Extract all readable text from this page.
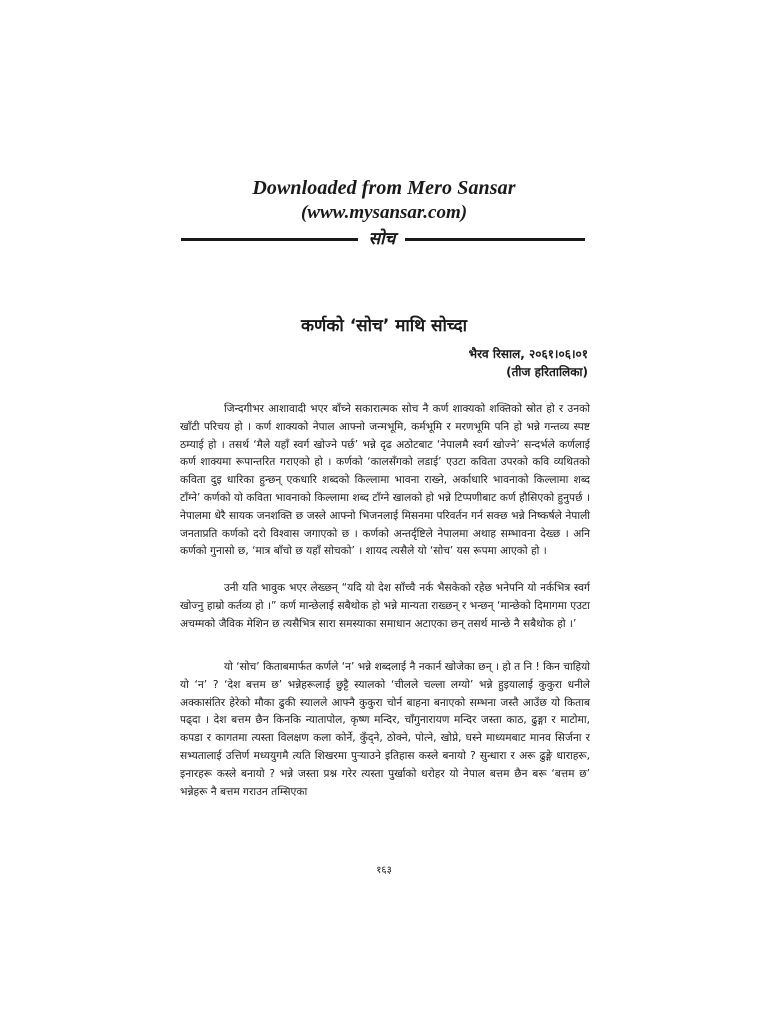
Downloaded from Mero Sansar
(www.mysansar.com)
सोच
कर्णको ‘सोच’ माथि सोच्दा
भैरव रिसाल, २०६१।०६।०१
(तीज हरितालिका)

जिन्दगीभर आशावादी भएर बाँच्ने सकारात्मक सोच नै कर्ण शाक्यको शक्तिको स्रोत हो र उनको खाँटी परिचय हो । कर्ण शाक्यको नेपाल आफ्नो जन्मभूमि, कर्मभूमि र मरणभूमि पनि हो भन्ने गन्तव्य स्पष्ट ठम्याई हो । तसर्थ ‘मैले यहाँ स्वर्ग खोज्ने पर्छ’ भन्ने दृढ अठोटबाट ‘नेपालमै स्वर्ग खोज्ने’ सन्दर्भले कर्णलाई कर्ण शाक्यमा रूपान्तरित गराएको हो । कर्णको ‘कालसँगको लडाई’ एउटा कविता उपरको कवि व्यथितको कविता दुइ धारिका हुन्छन् एकधारि शब्दको किल्लामा भावना राख्ने, अर्काधारि भावनाको किल्लामा शब्द टाँग्ने’ कर्णको यो कविता भावनाको किल्लामा शब्द टाँग्ने खालको हो भन्ने टिप्पणीबाट कर्ण हौसिएको हुनुपर्छ । नेपालमा धेरै सायक जनशक्ति छ जस्ले आफ्नो भिजनलाई मिसनमा परिवर्तन गर्न सक्छ भन्ने निष्कर्षले नेपाली जनताप्रति कर्णको दरो विश्वास जगाएको छ । कर्णको अन्तर्दृष्टिले नेपालमा अथाह सम्भावना देख्छ । अनि कर्णको गुनासो छ, ‘मात्र बाँचो छ यहाँ सोचको’ । शायद त्यसैले यो ‘सोच’ यस रूपमा आएको हो ।

उनी यति भावुक भएर लेख्छन् “यदि यो देश साँच्चै नर्क भैसकेको रहेछ भनेपनि यो नर्कभित्र स्वर्ग खोज्नु हाम्रो कर्तव्य हो ।” कर्ण मान्छेलाई सबैथोक हो भन्ने मान्यता राख्छन् र भन्छन् ‘मान्छेको दिमागमा एउटा अचम्मको जैविक मेशिन छ त्यसैभित्र सारा समस्याका समाधान अटाएका छन् तसर्थ मान्छे नै सबैथोक हो ।’

यो ‘सोच’ किताबमार्फत कर्णले ‘न’ भन्ने शब्दलाई नै नकार्न खोजेका छन् । हो त नि ! किन चाहियो यो ‘न’ ? ‘देश बत्तम छ’ भन्नेहरूलाई छुट्टै स्यालको ‘चीलले चल्ला लग्यो’ भन्ने हुइयालाई कुकुरा धनीले अक्कासंतिर हेरेको मौका ढुकी स्यालले आफ्नै कुकुरा चोर्न बाहना बनाएको सम्भना जस्तै आउँछ यो किताब पढ्दा । देश बत्तम छैन किनकि न्यातापोल, कृष्ण मन्दिर, चाँगुनारायण मन्दिर जस्ता काठ, ढुङ्गा र माटोमा, कपडा र कागतमा त्यस्ता विलक्षण कला कोर्ने, कुँद्ने, ठोक्ने, पोत्ने, खोप्ने, घस्ने माध्यमबाट मानव सिर्जना र सभ्यतालाई उत्तिर्ण मध्ययुगमै त्यति शिखरमा पुऱ्याउने इतिहास कस्ले बनायो ? सुन्धारा र अरू ढुङ्गे धाराहरू, इनारहरू कस्ले बनायो ? भन्ने जस्ता प्रश्न गरेर त्यस्ता पुर्खाको धरोहर यो नेपाल बत्तम छैन बरू ‘बत्तम छ’ भन्नेहरू नै बत्तम गराउन तम्सिएका

१६३
